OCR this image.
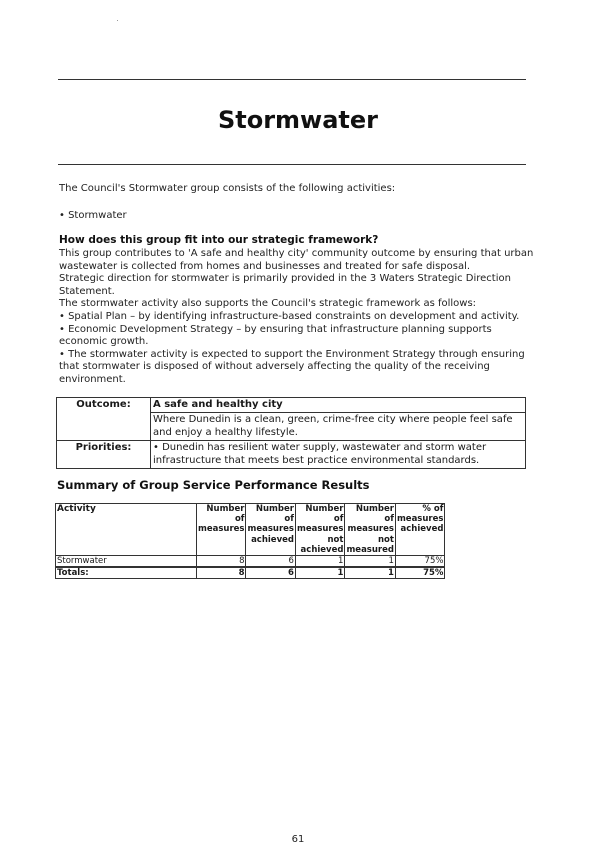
Stormwater
The Council's Stormwater group consists of the following activities:
• Stormwater
How does this group fit into our strategic framework?

This group contributes to 'A safe and healthy city' community outcome by ensuring that urban wastewater is collected from homes and businesses and treated for safe disposal.

Strategic direction for stormwater is primarily provided in the 3 Waters Strategic Direction Statement.

The stormwater activity also supports the Council's strategic framework as follows:

• Spatial Plan – by identifying infrastructure-based constraints on development and activity.

• Economic Development Strategy – by ensuring that infrastructure planning supports economic growth.

• The stormwater activity is expected to support the Environment Strategy through ensuring that stormwater is disposed of without adversely affecting the quality of the receiving environment.

Outcome:	A safe and healthy city
	Where Dunedin is a clean, green, crime-free city where people feel safe and enjoy a healthy lifestyle.
Priorities:	• Dunedin has resilient water supply, wastewater and storm water infrastructure that meets best practice environmental standards.
Summary of Group Service Performance Results
Activity	Number of measures	Number of measures achieved	Number of measures not achieved	Number of measures not measured	% of measures achieved
Stormwater	8	6	1	1	75%
Totals:	8	6	1	1	75%
61
